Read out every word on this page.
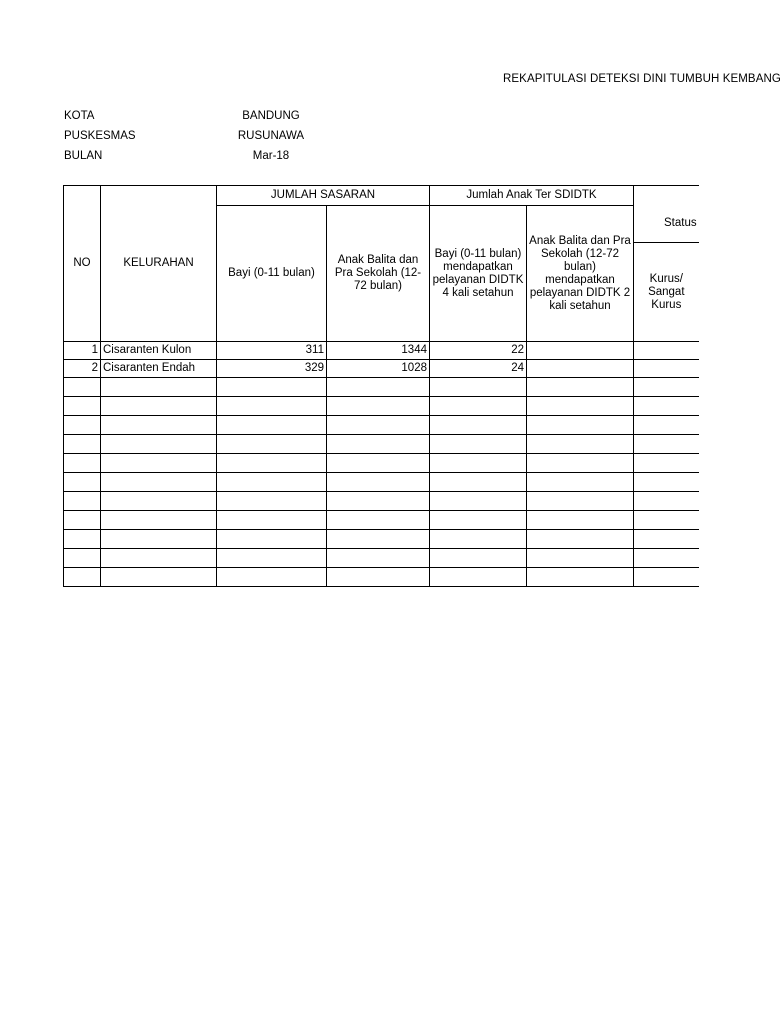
REKAPITULASI DETEKSI DINI TUMBUH KEMBANG
KOTA	BANDUNG
PUSKESMAS	RUSUNAWA
BULAN	Mar-18
NO	KELURAHAN	JUMLAH SASARAN		Jumlah Anak Ter SDIDTK		
		Bayi (0-11 bulan)	Anak Balita dan Pra Sekolah (12-72 bulan)	Bayi (0-11 bulan) mendapatkan pelayanan DIDTK 4 kali setahun	Anak Balita dan Pra Sekolah (12-72 bulan) mendapatkan pelayanan DIDTK 2 kali setahun	Status
						Kurus/ Sangat Kurus
1	Cisaranten Kulon	311	1344	22		
2	Cisaranten Endah	329	1028	24		
